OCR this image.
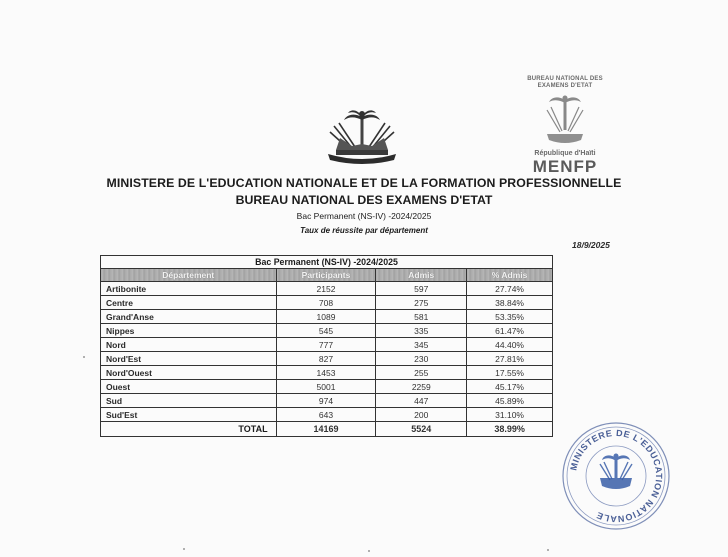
BUREAU NATIONAL DES
EXAMENS D'ETAT
République d'Haïti
MENFP
MINISTERE DE L'EDUCATION NATIONALE ET DE LA FORMATION PROFESSIONNELLE
BUREAU NATIONAL DES EXAMENS D'ETAT
Bac Permanent (NS-IV) -2024/2025
Taux de réussite par département
18/9/2025
Bac Permanent (NS-IV) -2024/2025			
Département	Participants	Admis	% Admis
Artibonite	2152	597	27.74%
Centre	708	275	38.84%
Grand'Anse	1089	581	53.35%
Nippes	545	335	61.47%
Nord	777	345	44.40%
Nord'Est	827	230	27.81%
Nord'Ouest	1453	255	17.55%
Ouest	5001	2259	45.17%
Sud	974	447	45.89%
Sud'Est	643	200	31.10%
TOTAL	14169	5524	38.99%
MINISTERE DE L'EDUCATION NATIONALE
